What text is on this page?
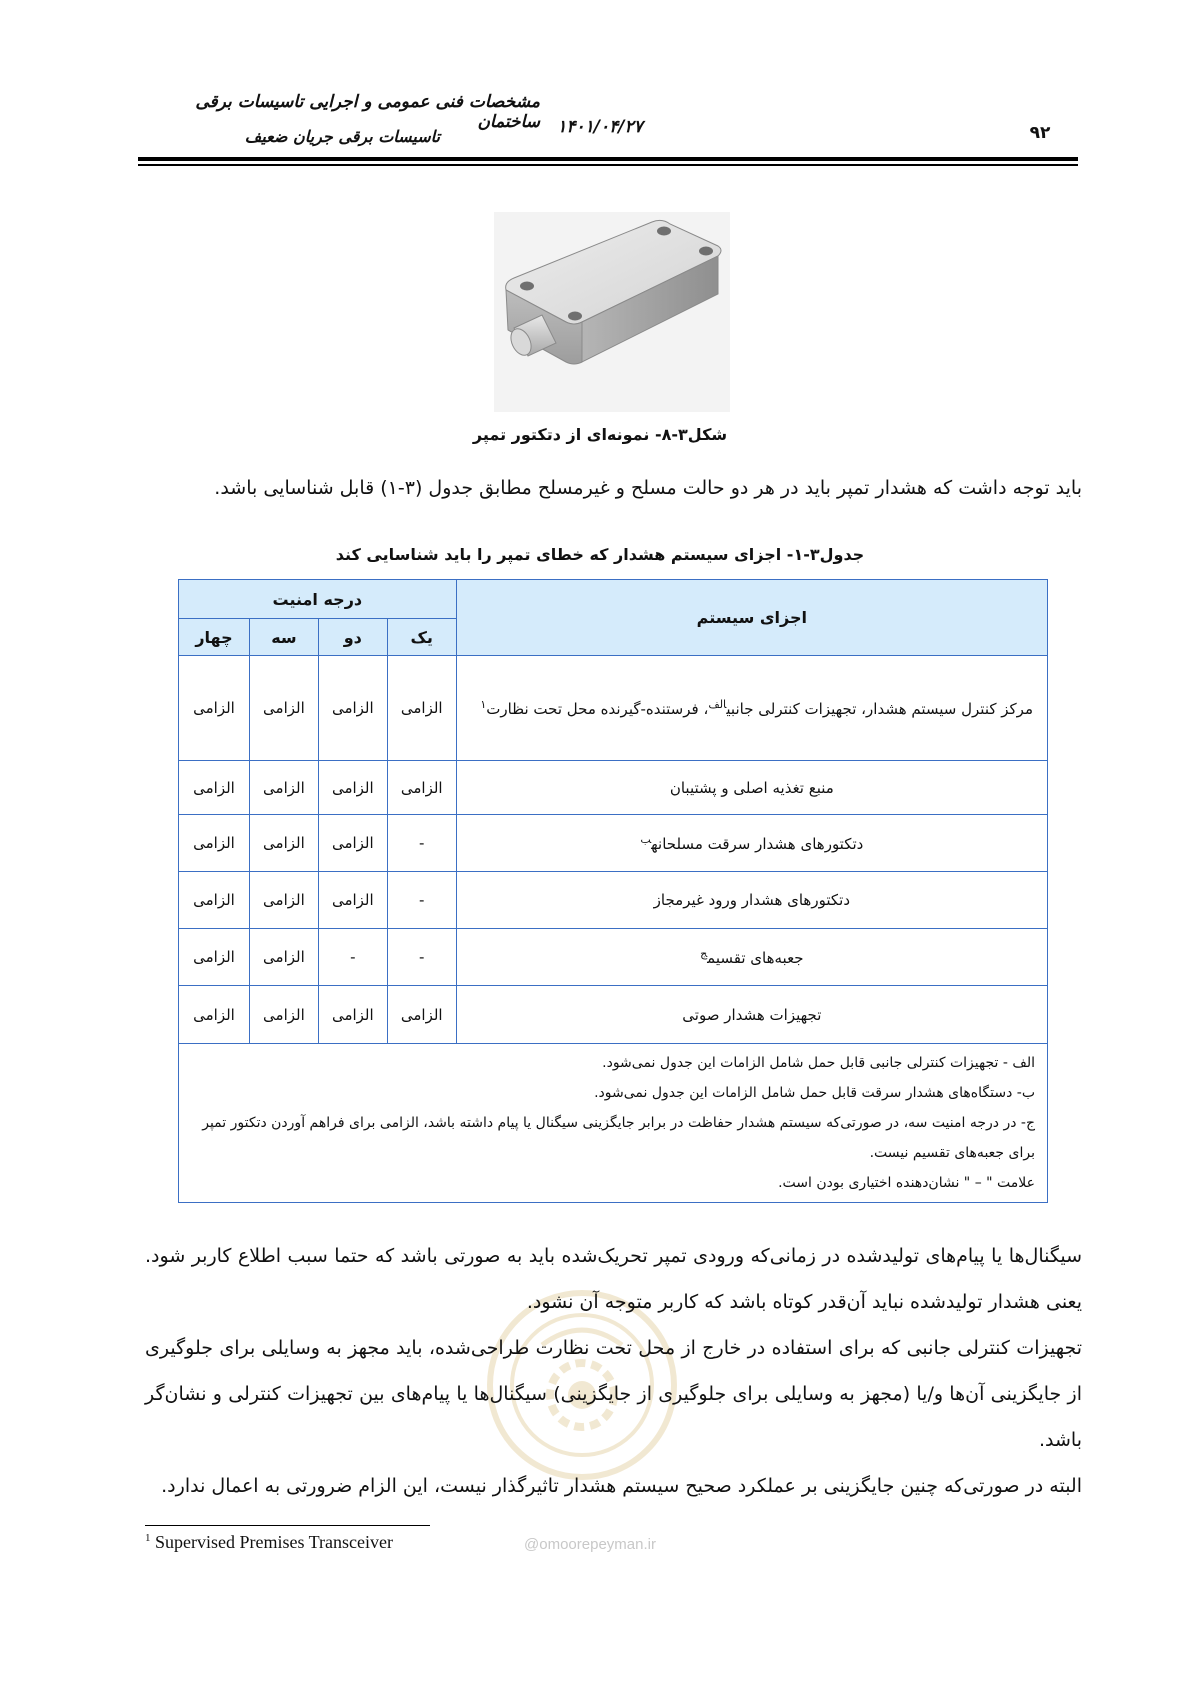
مشخصات فنی عمومی و اجرایی تاسیسات برقی ساختمان
تاسیسات برقی جریان ضعیف	۱۴۰۱/۰۴/۲۷	۹۲
شکل۳-۸- نمونه‌ای از دتکتور تمپر
باید توجه داشت که هشدار تمپر باید در هر دو حالت مسلح و غیرمسلح مطابق جدول (۳-۱) قابل شناسایی باشد.
جدول۳-۱- اجزای سیستم هشدار که خطای تمپر را باید شناسایی کند
اجزای سیستم	درجه امنیت			
	یک	دو	سه	چهار
مرکز کنترل سیستم هشدار، تجهیزات کنترلی جانبی$^{الف}$، فرستنده-گیرنده محل تحت نظارت$^۱$	الزامی	الزامی	الزامی	الزامی
منبع تغذیه اصلی و پشتیبان	الزامی	الزامی	الزامی	الزامی
دتکتورهای هشدار سرقت مسلحانه$^ب$	-	الزامی	الزامی	الزامی
دتکتورهای هشدار ورود غیرمجاز	-	الزامی	الزامی	الزامی
جعبه‌های تقسیم$^ج$	-	-	الزامی	الزامی
تجهیزات هشدار صوتی	الزامی	الزامی	الزامی	الزامی

الف - تجهیزات کنترلی جانبی قابل حمل شامل الزامات این جدول نمی‌شود.
ب- دستگاه‌های هشدار سرقت قابل حمل شامل الزامات این جدول نمی‌شود.
ج- در درجه امنیت سه، در صورتی‌که سیستم هشدار حفاظت در برابر جایگزینی سیگنال یا پیام داشته باشد، الزامی برای فراهم آوردن دتکتور تمپر برای جعبه‌های تقسیم نیست.
علامت " – " نشان‌دهنده اختیاری بودن است.				
@omoorepeyman.ir
سیگنال‌ها یا پیام‌های تولیدشده در زمانی‌که ورودی تمپر تحریک‌شده باید به صورتی باشد که حتما سبب اطلاع کاربر شود. یعنی هشدار تولیدشده نباید آن‌قدر کوتاه باشد که کاربر متوجه آن نشود.
تجهیزات کنترلی جانبی که برای استفاده در خارج از محل تحت نظارت طراحی‌شده، باید مجهز به وسایلی برای جلوگیری از جایگزینی آن‌ها و/یا (مجهز به وسایلی برای جلوگیری از جایگزینی) سیگنال‌ها یا پیام‌های بین تجهیزات کنترلی و نشان‌گر باشد.
البته در صورتی‌که چنین جایگزینی بر عملکرد صحیح سیستم هشدار تاثیرگذار نیست، این الزام ضرورتی به اعمال ندارد.
$^1$ Supervised Premises Transceiver
